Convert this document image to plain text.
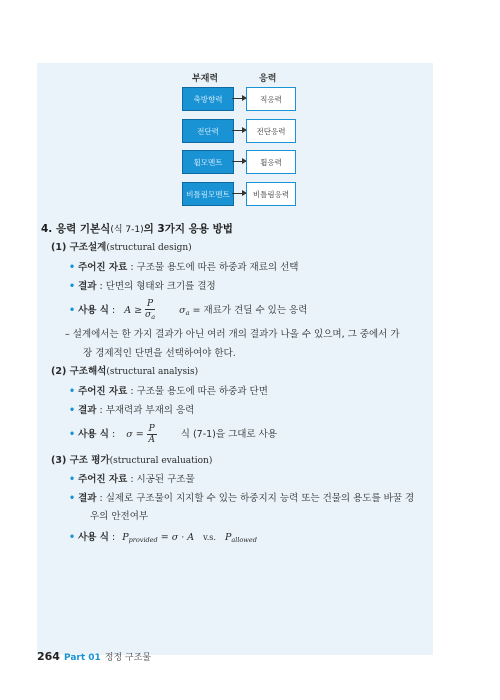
부재력	응력
축방향력	직응력
전단력	전단응력
휨모멘트	휨응력
비틀림모멘트	비틀림응력
4. 응력 기본식(식 7-1)의 3가지 응용 방법
(1) 구조설계(structural design)
• 주어진 자료 : 구조물 용도에 따른 하중과 재료의 선택
• 결과 : 단면의 형태와 크기를 결정
• 사용 식 : $A \ge \frac{P}{\sigma_a}$	$\sigma_a$ = 재료가 견딜 수 있는 응력
– 설계에서는 한 가지 결과가 아닌 여러 개의 결과가 나올 수 있으며, 그 중에서 가
장 경제적인 단면을 선택하여야 한다.
(2) 구조해석(structural analysis)
• 주어진 자료 : 구조물 용도에 따른 하중과 단면
• 결과 : 부재력과 부재의 응력
• 사용 식 : $\sigma = \frac{P}{A}$	식 (7-1)을 그대로 사용
(3) 구조 평가(structural evaluation)
• 주어진 자료 : 시공된 구조물
• 결과 : 실제로 구조물이 지지할 수 있는 하중지지 능력 또는 건물의 용도를 바꿀 경
우의 안전여부
• 사용 식 : $P_{provided} = \sigma \cdot A$ v.s. $P_{allowed}$
264 Part 01 정정 구조물
